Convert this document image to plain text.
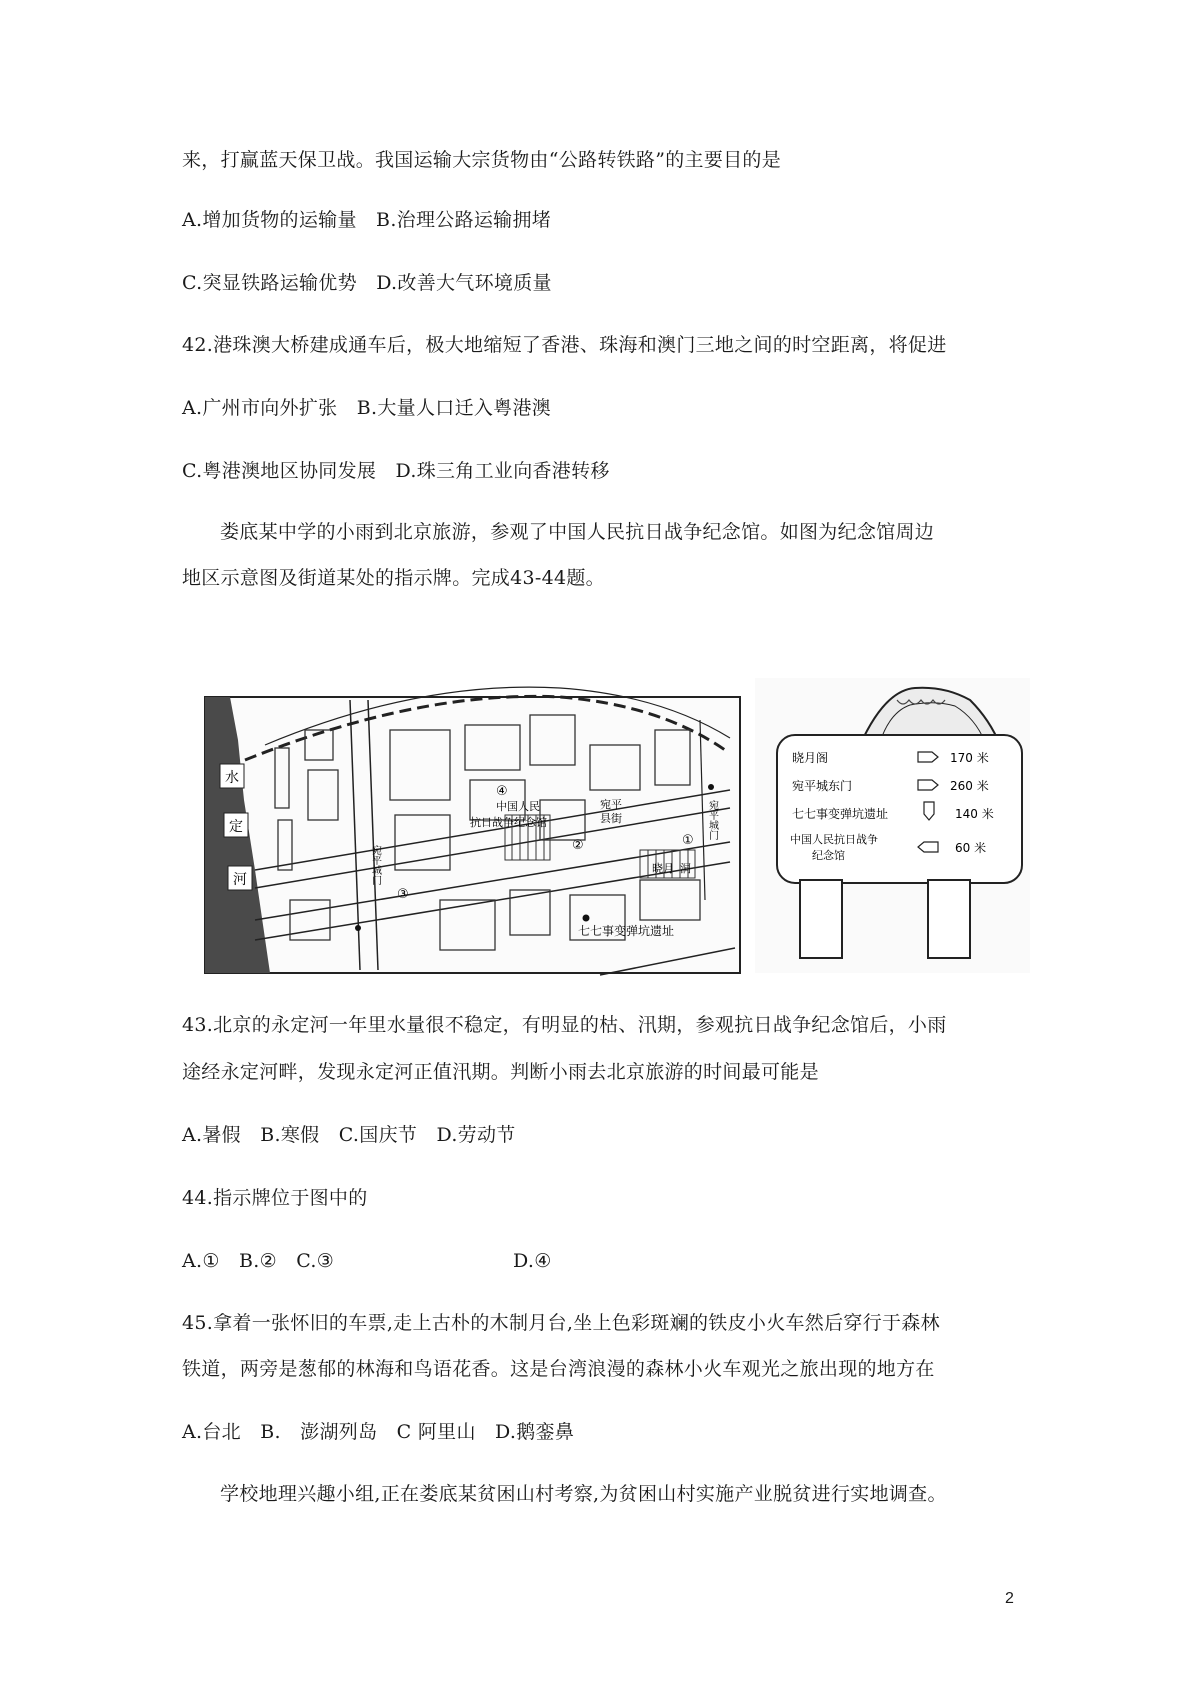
来，打赢蓝天保卫战。我国运输大宗货物由“公路转铁路”的主要目的是
A.增加货物的运输量　B.治理公路运输拥堵
C.突显铁路运输优势　D.改善大气环境质量
42.港珠澳大桥建成通车后，极大地缩短了香港、珠海和澳门三地之间的时空距离，将促进
A.广州市向外扩张　B.大量人口迁入粤港澳
C.粤港澳地区协同发展　D.珠三角工业向香港转移
娄底某中学的小雨到北京旅游，参观了中国人民抗日战争纪念馆。如图为纪念馆周边
地区示意图及街道某处的指示牌。完成43-44题。
水
定
河
中国人民
抗日战争纪念馆
宛平
县街
晓月 洞
宛平城门
宛平城门
七七事变弹坑遗址
①
②
③
④
晓月阁	170 米
宛平城东门	260 米
七七事变弹坑遗址	140 米
中国人民抗日战争
纪念馆
60 米
43.北京的永定河一年里水量很不稳定，有明显的枯、汛期，参观抗日战争纪念馆后，小雨
途经永定河畔，发现永定河正值汛期。判断小雨去北京旅游的时间最可能是
A.暑假　B.寒假　C.国庆节　D.劳动节
44.指示牌位于图中的
A.①　B.②　C.③	D.④
45.拿着一张怀旧的车票,走上古朴的木制月台,坐上色彩斑斓的铁皮小火车然后穿行于森林
铁道，两旁是葱郁的林海和鸟语花香。这是台湾浪漫的森林小火车观光之旅出现的地方在
A.台北　B.　澎湖列岛　C 阿里山　D.鹅銮鼻
学校地理兴趣小组,正在娄底某贫困山村考察,为贫困山村实施产业脱贫进行实地调查。
2
